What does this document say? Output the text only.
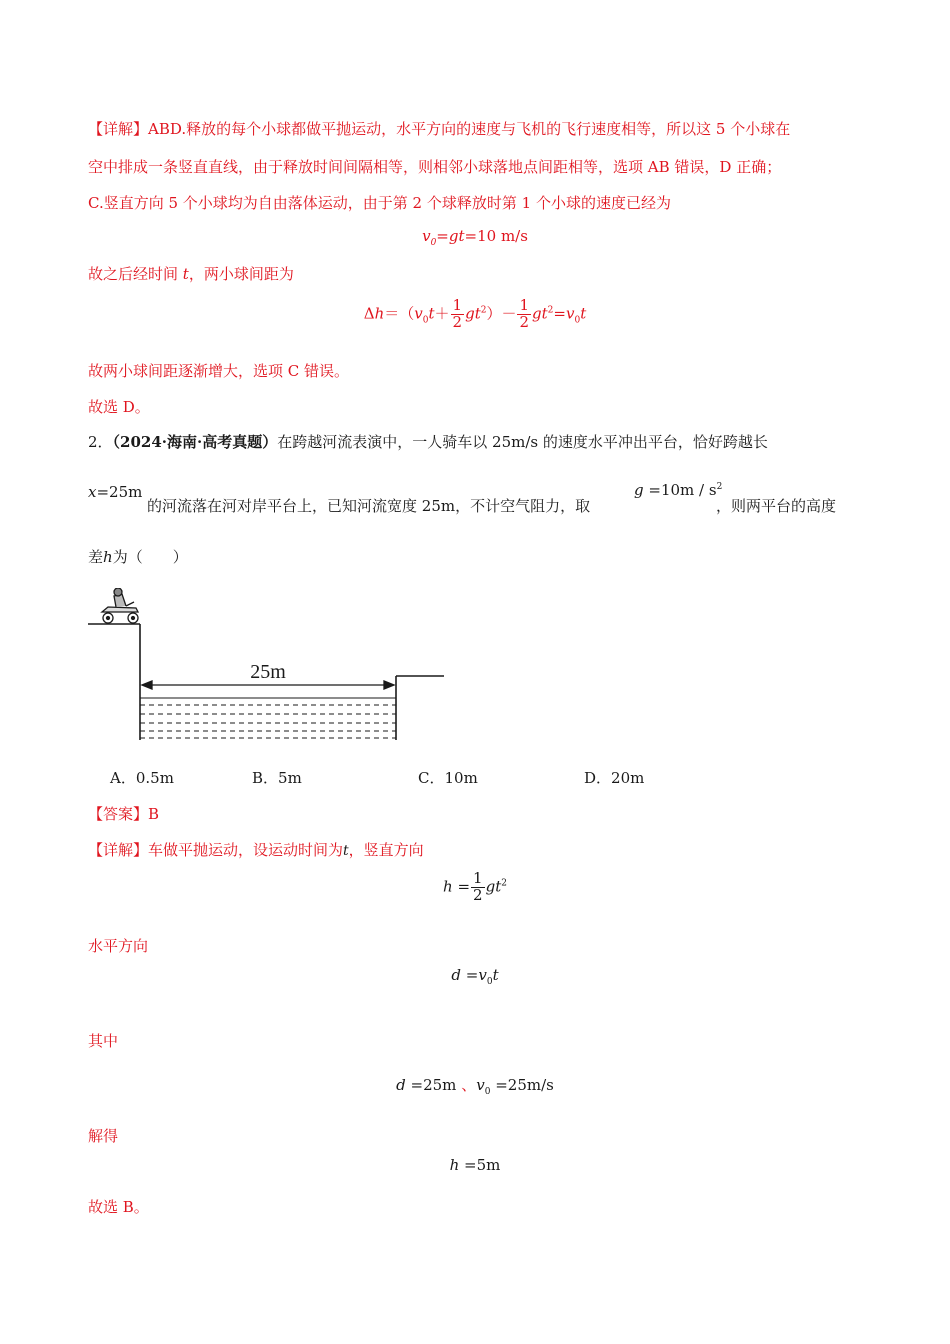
【详解】ABD.释放的每个小球都做平抛运动，水平方向的速度与飞机的飞行速度相等，所以这 5 个小球在
空中排成一条竖直直线，由于释放时间间隔相等，则相邻小球落地点间距相等，选项 AB 错误，D 正确；
C.竖直方向 5 个小球均为自由落体运动，由于第 2 个球释放时第 1 个小球的速度已经为
$v_0=gt=10$ m/s
故之后经时间 t，两小球间距为
$\Delta h=(v_0t+ \frac{1}{2} gt^2)- \frac{1}{2} gt^2=v_0t$
故两小球间距逐渐增大，选项 C 错误。
故选 D。
2．（2024·海南·高考真题）在跨越河流表演中，一人骑车以 25m/s 的速度水平冲出平台，恰好跨越长
x=25m
的河流落在河对岸平台上，已知河流宽度 25m，不计空气阻力，取
$g =10m / s^2$
，则两平台的高度
差h为（　　）
25m
A．0.5m	B．5m	C．10m	D．20m
【答案】B
【详解】车做平抛运动，设运动时间为t，竖直方向
$h = \frac{1}{2} gt^2$
水平方向
$d =v_0t$
其中
d =25m 、$v_0 =25m/s$
解得
h =5m
故选 B。
